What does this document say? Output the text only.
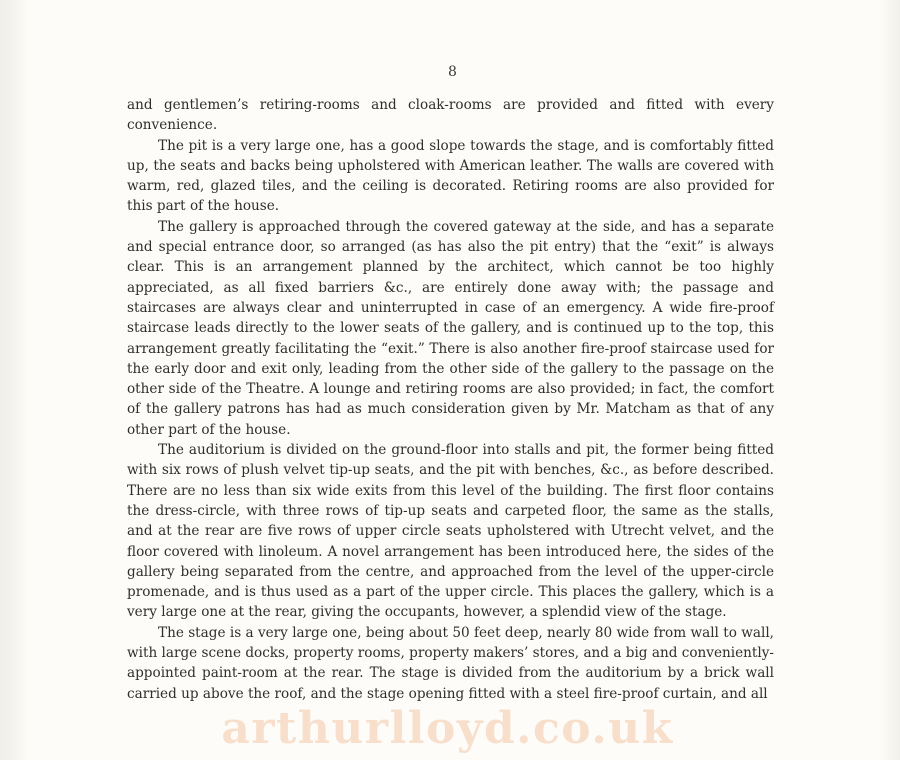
8

and gentlemen’s retiring-rooms and cloak-rooms are provided and fitted with every convenience.

The pit is a very large one, has a good slope towards the stage, and is comfortably fitted up, the seats and backs being upholstered with American leather. The walls are covered with warm, red, glazed tiles, and the ceiling is decorated. Retiring rooms are also provided for this part of the house.

The gallery is approached through the covered gateway at the side, and has a separate and special entrance door, so arranged (as has also the pit entry) that the “exit” is always clear. This is an arrangement planned by the architect, which cannot be too highly appreciated, as all fixed barriers &c., are entirely done away with; the passage and staircases are always clear and uninterrupted in case of an emergency. A wide fire-proof staircase leads directly to the lower seats of the gallery, and is continued up to the top, this arrangement greatly facilitating the “exit.” There is also another fire-proof staircase used for the early door and exit only, leading from the other side of the gallery to the passage on the other side of the Theatre. A lounge and retiring rooms are also provided; in fact, the comfort of the gallery patrons has had as much consideration given by Mr. Matcham as that of any other part of the house.

The auditorium is divided on the ground-floor into stalls and pit, the former being fitted with six rows of plush velvet tip-up seats, and the pit with benches, &c., as before described. There are no less than six wide exits from this level of the building. The first floor contains the dress-circle, with three rows of tip-up seats and carpeted floor, the same as the stalls, and at the rear are five rows of upper circle seats upholstered with Utrecht velvet, and the floor covered with linoleum. A novel arrangement has been introduced here, the sides of the gallery being separated from the centre, and approached from the level of the upper-circle promenade, and is thus used as a part of the upper circle. This places the gallery, which is a very large one at the rear, giving the occupants, however, a splendid view of the stage.

The stage is a very large one, being about 50 feet deep, nearly 80 wide from wall to wall, with large scene docks, property rooms, property makers’ stores, and a big and conveniently-appointed paint-room at the rear. The stage is divided from the auditorium by a brick wall carried up above the roof, and the stage opening fitted with a steel fire-proof curtain, and all

arthurlloyd.co.uk
